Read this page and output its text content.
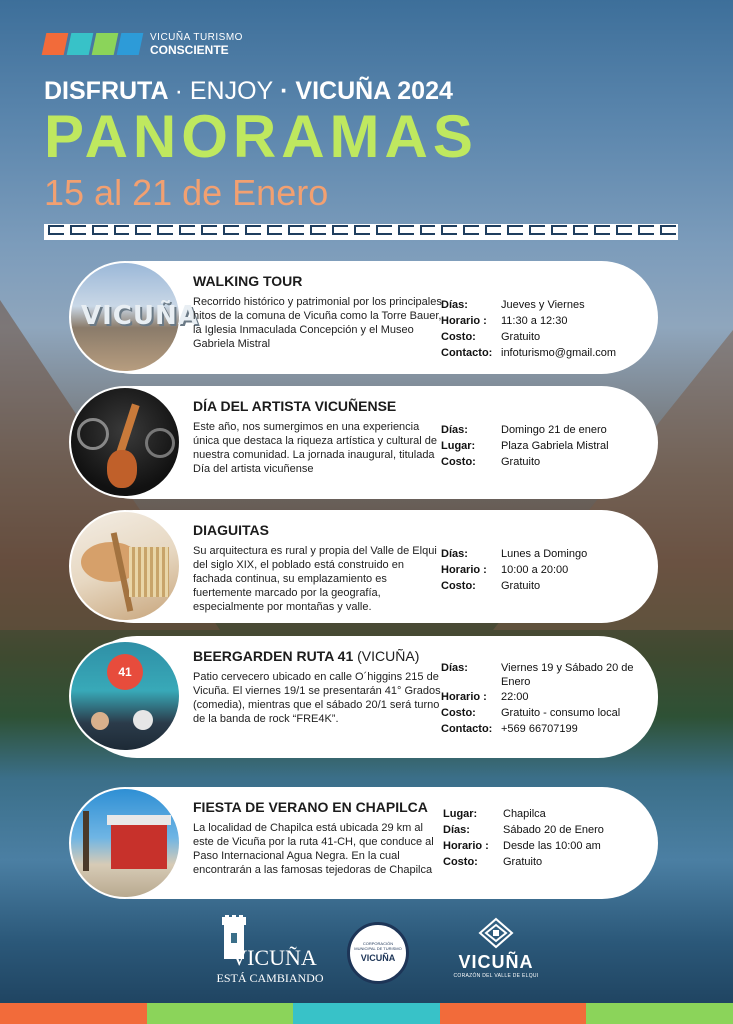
VICUÑA TURISMO
CONSCIENTE
DISFRUTA · ENJOY · VICUÑA 2024
PANORAMAS
15 al 21 de Enero
VICUÑA
WALKING TOUR
Recorrido histórico y patrimonial por los principales hitos de la comuna de Vicuña como la Torre Bauer, la Iglesia Inmaculada Concepción y el Museo Gabriela Mistral
Días:	Jueves y Viernes
Horario :	11:30 a 12:30
Costo:	Gratuito
Contacto: infoturismo@gmail.com
DÍA DEL ARTISTA VICUÑENSE
Este año, nos sumergimos en una experiencia única que destaca la riqueza artística y cultural de nuestra comunidad. La jornada inaugural, titulada Día del artista vicuñense
Días:	Domingo 21 de enero
Lugar:	Plaza Gabriela Mistral
Costo:	Gratuito
DIAGUITAS
Su arquitectura es rural y propia del Valle de Elqui del siglo XIX, el poblado está construido en fachada continua, su emplazamiento es fuertemente marcado por la geografía, especialmente por montañas y valle.
Días:	Lunes a Domingo
Horario :	10:00 a 20:00
Costo:	Gratuito
41
BEERGARDEN RUTA 41 (VICUÑA)
Patio cervecero ubicado en calle O´higgins 215 de Vicuña. El viernes 19/1 se presentarán 41° Grados (comedia), mientras que el sábado 20/1 será turno de la banda de rock “FRE4K”.
Días:	Viernes 19 y Sábado 20 de Enero
Horario :	22:00
Costo:	Gratuito - consumo local
Contacto: +569 66707199
FIESTA DE VERANO EN CHAPILCA
La localidad de Chapilca está ubicada 29 km al este de Vicuña por la ruta 41-CH, que conduce al Paso Internacional Agua Negra. En la cual encontrarán a las famosas tejedoras de Chapilca
Lugar:	Chapilca
Días:	Sábado 20 de Enero
Horario :	Desde las 10:00 am
Costo:	Gratuito
VICUÑA
ESTÁ CAMBIANDO
CORPORACIÓN MUNICIPAL DE TURISMO
VICUÑA	VICUÑA
CORAZÓN DEL VALLE DE ELQUI
